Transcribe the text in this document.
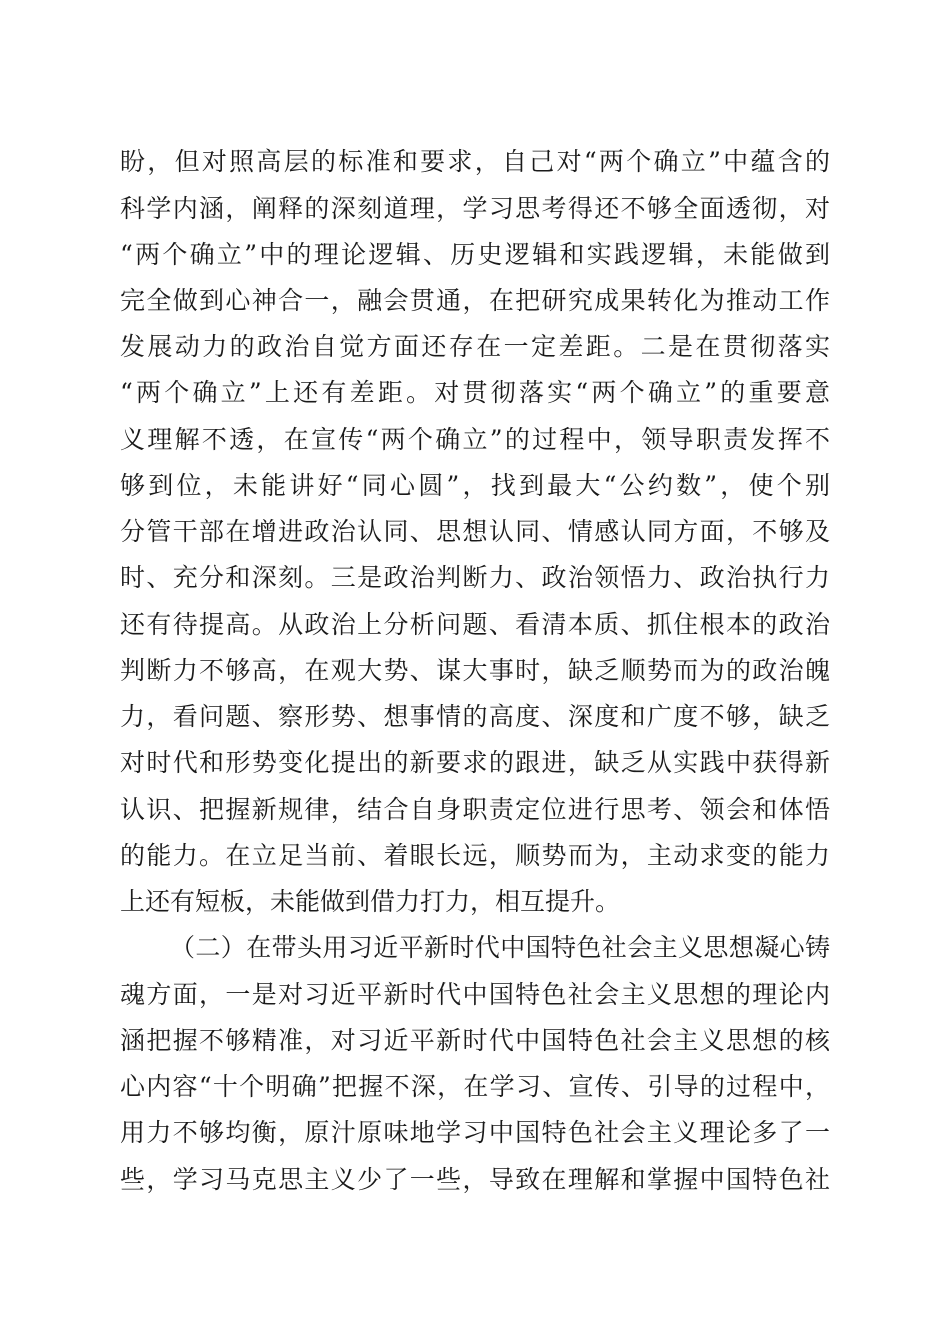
盼，但对照高层的标准和要求，自己对“两个确立”中蕴含的
科学内涵，阐释的深刻道理，学习思考得还不够全面透彻，对
“两个确立”中的理论逻辑、历史逻辑和实践逻辑，未能做到
完全做到心神合一，融会贯通，在把研究成果转化为推动工作
发展动力的政治自觉方面还存在一定差距。二是在贯彻落实
“两个确立”上还有差距。对贯彻落实“两个确立”的重要意
义理解不透，在宣传“两个确立”的过程中，领导职责发挥不
够到位，未能讲好“同心圆”，找到最大“公约数”，使个别
分管干部在增进政治认同、思想认同、情感认同方面，不够及
时、充分和深刻。三是政治判断力、政治领悟力、政治执行力
还有待提高。从政治上分析问题、看清本质、抓住根本的政治
判断力不够高，在观大势、谋大事时，缺乏顺势而为的政治魄
力，看问题、察形势、想事情的高度、深度和广度不够，缺乏
对时代和形势变化提出的新要求的跟进，缺乏从实践中获得新
认识、把握新规律，结合自身职责定位进行思考、领会和体悟
的能力。在立足当前、着眼长远，顺势而为，主动求变的能力
上还有短板，未能做到借力打力，相互提升。
（二）在带头用习近平新时代中国特色社会主义思想凝心铸
魂方面，一是对习近平新时代中国特色社会主义思想的理论内
涵把握不够精准，对习近平新时代中国特色社会主义思想的核
心内容“十个明确”把握不深，在学习、宣传、引导的过程中，
用力不够均衡，原汁原味地学习中国特色社会主义理论多了一
些，学习马克思主义少了一些，导致在理解和掌握中国特色社
